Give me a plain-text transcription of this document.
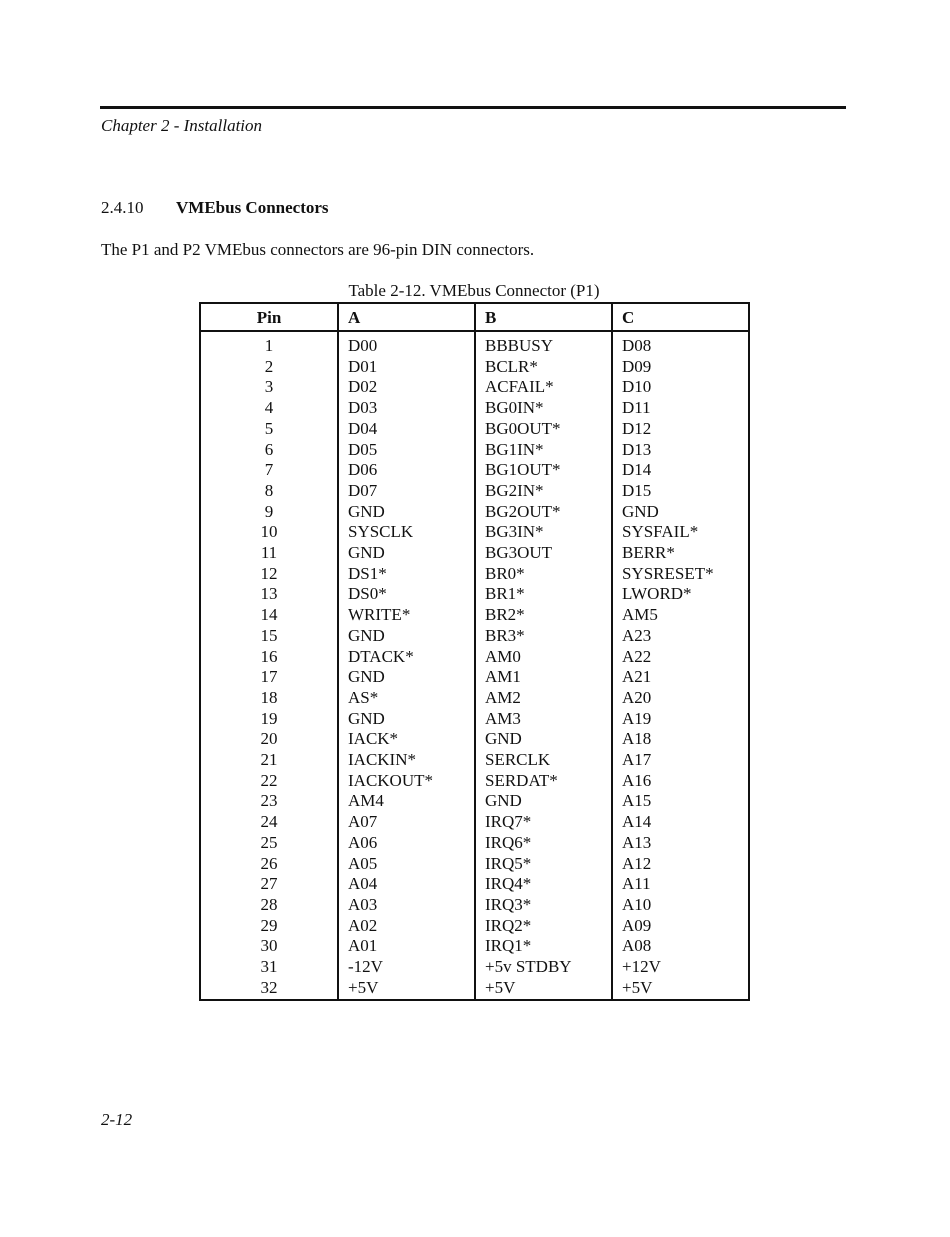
Chapter 2 - Installation
2.4.10 VMEbus Connectors
The P1 and P2 VMEbus connectors are 96-pin DIN connectors.
Table 2-12. VMEbus Connector (P1)
Pin	A	B	C
1	D00	BBBUSY	D08
2	D01	BCLR*	D09
3	D02	ACFAIL*	D10
4	D03	BG0IN*	D11
5	D04	BG0OUT*	D12
6	D05	BG1IN*	D13
7	D06	BG1OUT*	D14
8	D07	BG2IN*	D15
9	GND	BG2OUT*	GND
10	SYSCLK	BG3IN*	SYSFAIL*
11	GND	BG3OUT	BERR*
12	DS1*	BR0*	SYSRESET*
13	DS0*	BR1*	LWORD*
14	WRITE*	BR2*	AM5
15	GND	BR3*	A23
16	DTACK*	AM0	A22
17	GND	AM1	A21
18	AS*	AM2	A20
19	GND	AM3	A19
20	IACK*	GND	A18
21	IACKIN*	SERCLK	A17
22	IACKOUT*	SERDAT*	A16
23	AM4	GND	A15
24	A07	IRQ7*	A14
25	A06	IRQ6*	A13
26	A05	IRQ5*	A12
27	A04	IRQ4*	A11
28	A03	IRQ3*	A10
29	A02	IRQ2*	A09
30	A01	IRQ1*	A08
31	-12V	+5v STDBY	+12V
32	+5V	+5V	+5V
2-12
